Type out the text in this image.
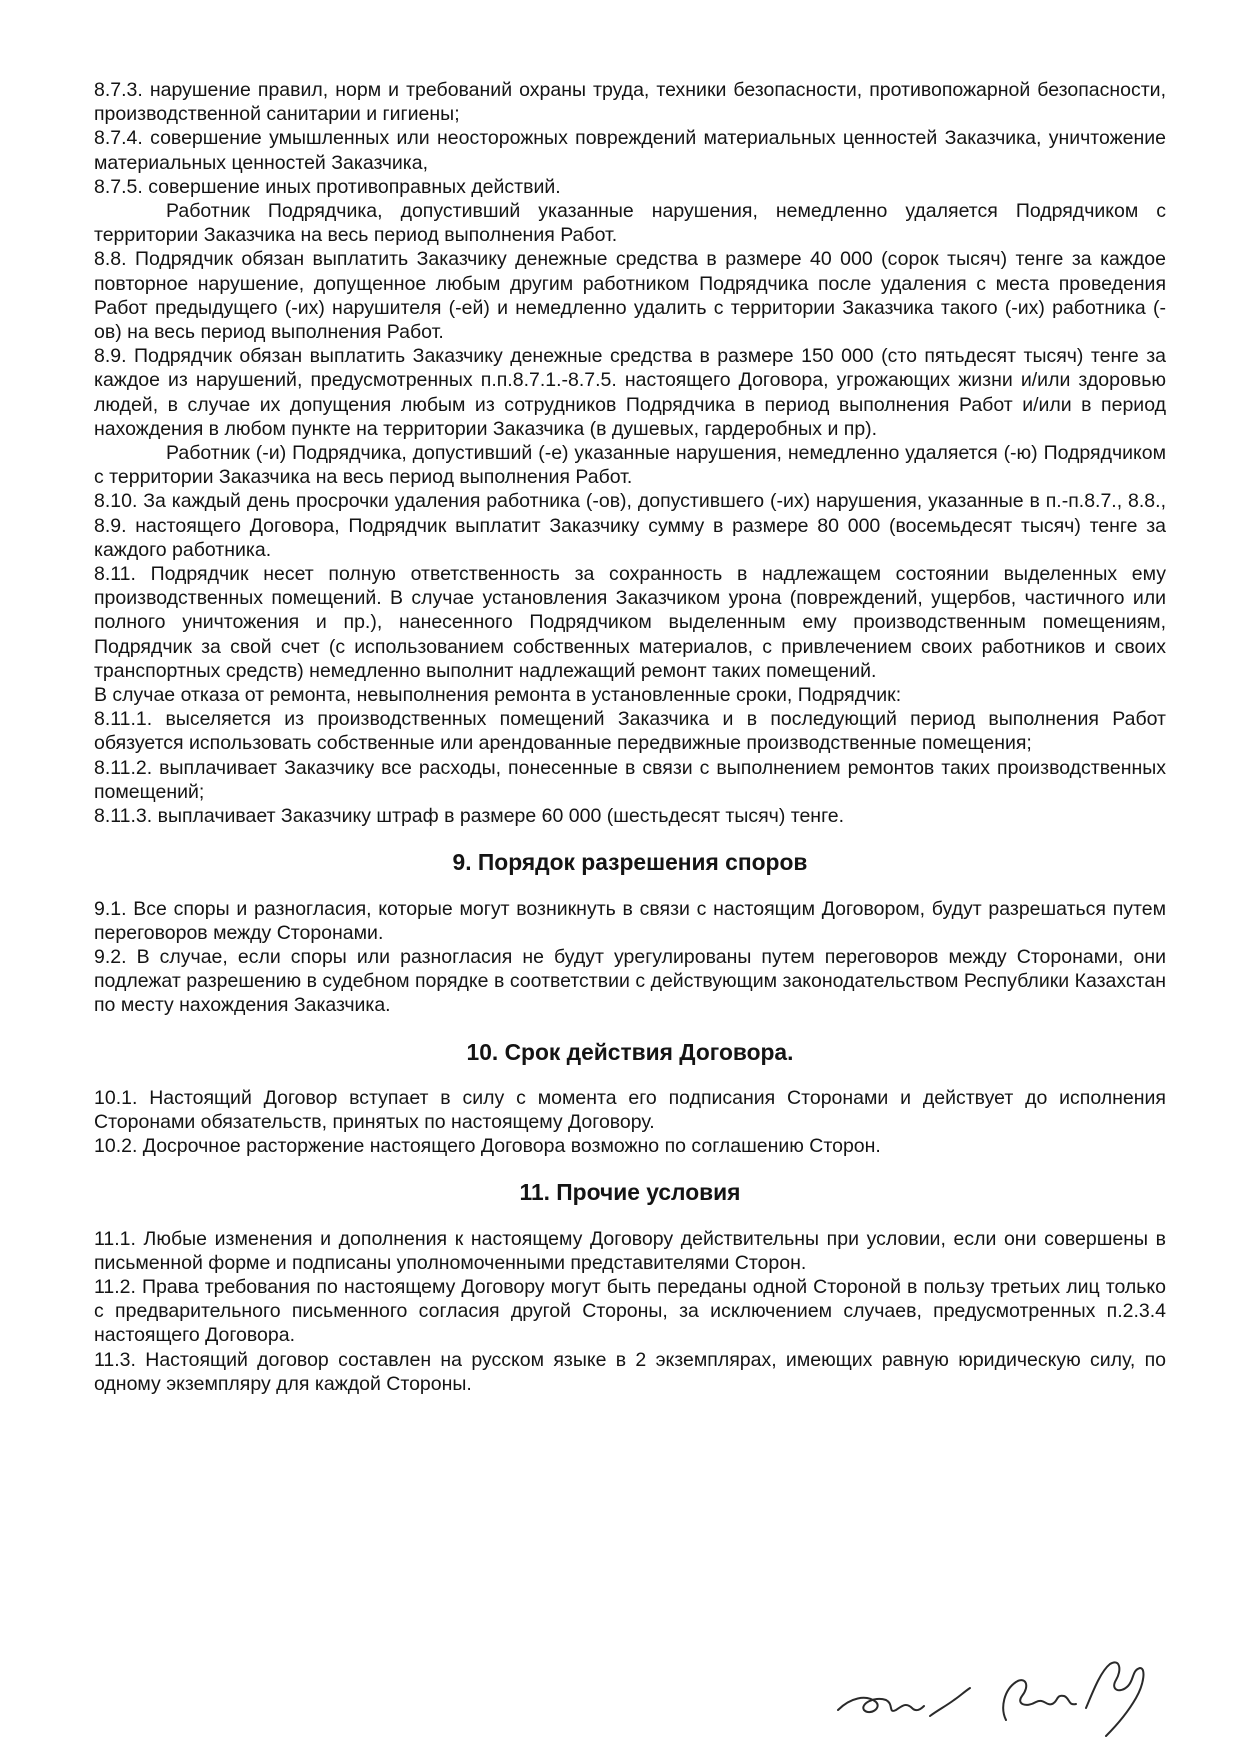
8.7.3. нарушение правил, норм и требований охраны труда, техники безопасности, противопожарной безопасности, производственной санитарии и гигиены;

8.7.4. совершение умышленных или неосторожных повреждений материальных ценностей Заказчика, уничтожение материальных ценностей Заказчика,

8.7.5. совершение иных противоправных действий.

Работник Подрядчика, допустивший указанные нарушения, немедленно удаляется Подрядчиком с территории Заказчика на весь период выполнения Работ.

8.8. Подрядчик обязан выплатить Заказчику денежные средства в размере 40 000 (сорок тысяч) тенге за каждое повторное нарушение, допущенное любым другим работником Подрядчика после удаления с места проведения Работ предыдущего (-их) нарушителя (-ей) и немедленно удалить с территории Заказчика такого (-их) работника (-ов) на весь период выполнения Работ.

8.9. Подрядчик обязан выплатить Заказчику денежные средства в размере 150 000 (сто пятьдесят тысяч) тенге за каждое из нарушений, предусмотренных п.п.8.7.1.-8.7.5. настоящего Договора, угрожающих жизни и/или здоровью людей, в случае их допущения любым из сотрудников Подрядчика в период выполнения Работ и/или в период нахождения в любом пункте на территории Заказчика (в душевых, гардеробных и пр).

Работник (-и) Подрядчика, допустивший (-е) указанные нарушения, немедленно удаляется (-ю) Подрядчиком с территории Заказчика на весь период выполнения Работ.

8.10. За каждый день просрочки удаления работника (-ов), допустившего (-их) нарушения, указанные в п.-п.8.7., 8.8., 8.9. настоящего Договора, Подрядчик выплатит Заказчику сумму в размере 80 000 (восемьдесят тысяч) тенге за каждого работника.

8.11. Подрядчик несет полную ответственность за сохранность в надлежащем состоянии выделенных ему производственных помещений. В случае установления Заказчиком урона (повреждений, ущербов, частичного или полного уничтожения и пр.), нанесенного Подрядчиком выделенным ему производственным помещениям, Подрядчик за свой счет (с использованием собственных материалов, с привлечением своих работников и своих транспортных средств) немедленно выполнит надлежащий ремонт таких помещений.

В случае отказа от ремонта, невыполнения ремонта в установленные сроки, Подрядчик:

8.11.1. выселяется из производственных помещений Заказчика и в последующий период выполнения Работ обязуется использовать собственные или арендованные передвижные производственные помещения;

8.11.2. выплачивает Заказчику все расходы, понесенные в связи с выполнением ремонтов таких производственных помещений;

8.11.3. выплачивает Заказчику штраф в размере 60 000 (шестьдесят тысяч) тенге.

9. Порядок разрешения споров

9.1. Все споры и разногласия, которые могут возникнуть в связи с настоящим Договором, будут разрешаться путем переговоров между Сторонами.

9.2. В случае, если споры или разногласия не будут урегулированы путем переговоров между Сторонами, они подлежат разрешению в судебном порядке в соответствии с действующим законодательством Республики Казахстан по месту нахождения Заказчика.

10. Срок действия Договора.

10.1. Настоящий Договор вступает в силу с момента его подписания Сторонами и действует до исполнения Сторонами обязательств, принятых по настоящему Договору.

10.2. Досрочное расторжение настоящего Договора возможно по соглашению Сторон.

11. Прочие условия

11.1. Любые изменения и дополнения к настоящему Договору действительны при условии, если они совершены в письменной форме и подписаны уполномоченными представителями Сторон.

11.2. Права требования по настоящему Договору могут быть переданы одной Стороной в пользу третьих лиц только с предварительного письменного согласия другой Стороны, за исключением случаев, предусмотренных п.2.3.4 настоящего Договора.

11.3. Настоящий договор составлен на русском языке в 2 экземплярах, имеющих равную юридическую силу, по одному экземпляру для каждой Стороны.
